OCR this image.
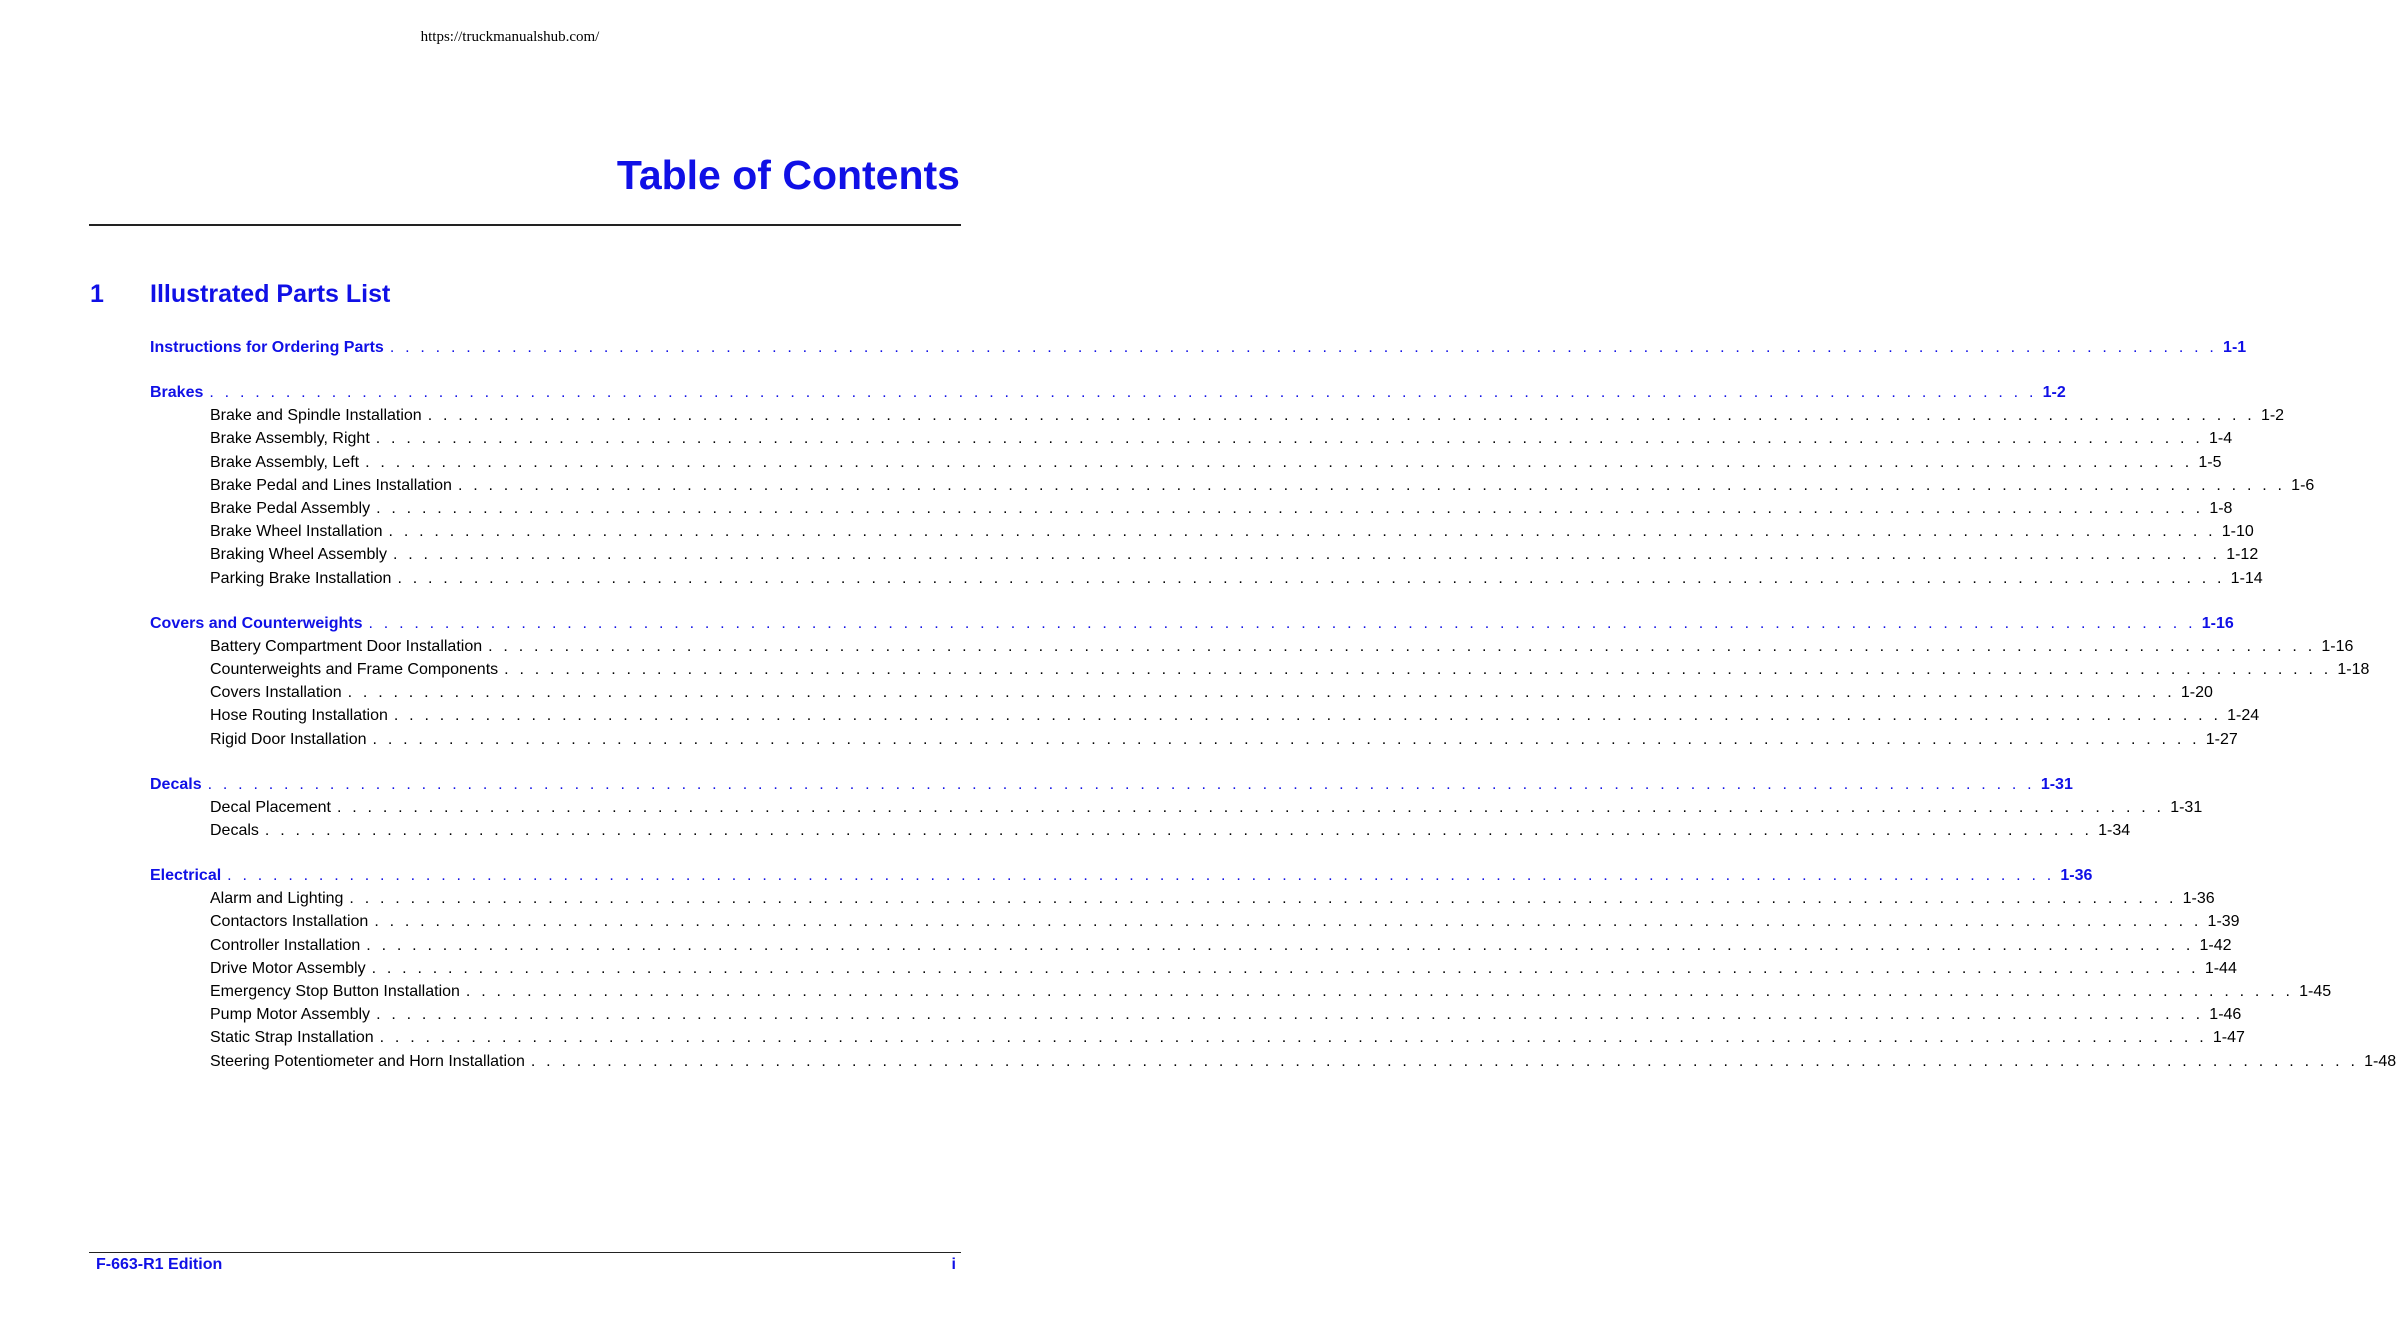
https://truckmanualshub.com/
Table of Contents
1 Illustrated Parts List
Instructions for Ordering Parts . . . . . . . . . . . . . . . . . . . . . . . . . . . . . . . . . . . . . . . . . . . . . . . . . . . . . . . . . . . . . . . . . . . . . . . . . . . . . . . . . . . . . . . . . . . . . . . . . . . . . . . . . . . . . . . . . . . . . . . . 1-1
Brakes . . . . . . . . . . . . . . . . . . . . . . . . . . . . . . . . . . . . . . . . . . . . . . . . . . . . . . . . . . . . . . . . . . . . . . . . . . . . . . . . . . . . . . . . . . . . . . . . . . . . . . . . . . . . . . . . . . . . . . . . 1-2
Brake and Spindle Installation . . . . . . . . . . . . . . . . . . . . . . . . . . . . . . . . . . . . . . . . . . . . . . . . . . . . . . . . . . . . . . . . . . . . . . . . . . . . . . . . . . . . . . . . . . . . . . . . . . . . . . . . . . . . . . . . . . . . . . . . 1-2
Brake Assembly, Right . . . . . . . . . . . . . . . . . . . . . . . . . . . . . . . . . . . . . . . . . . . . . . . . . . . . . . . . . . . . . . . . . . . . . . . . . . . . . . . . . . . . . . . . . . . . . . . . . . . . . . . . . . . . . . . . . . . . . . . . 1-4
Brake Assembly, Left . . . . . . . . . . . . . . . . . . . . . . . . . . . . . . . . . . . . . . . . . . . . . . . . . . . . . . . . . . . . . . . . . . . . . . . . . . . . . . . . . . . . . . . . . . . . . . . . . . . . . . . . . . . . . . . . . . . . . . . . 1-5
Brake Pedal and Lines Installation . . . . . . . . . . . . . . . . . . . . . . . . . . . . . . . . . . . . . . . . . . . . . . . . . . . . . . . . . . . . . . . . . . . . . . . . . . . . . . . . . . . . . . . . . . . . . . . . . . . . . . . . . . . . . . . . . . . . . . . . 1-6
Brake Pedal Assembly . . . . . . . . . . . . . . . . . . . . . . . . . . . . . . . . . . . . . . . . . . . . . . . . . . . . . . . . . . . . . . . . . . . . . . . . . . . . . . . . . . . . . . . . . . . . . . . . . . . . . . . . . . . . . . . . . . . . . . . . 1-8
Brake Wheel Installation . . . . . . . . . . . . . . . . . . . . . . . . . . . . . . . . . . . . . . . . . . . . . . . . . . . . . . . . . . . . . . . . . . . . . . . . . . . . . . . . . . . . . . . . . . . . . . . . . . . . . . . . . . . . . . . . . . . . . . . . 1-10
Braking Wheel Assembly . . . . . . . . . . . . . . . . . . . . . . . . . . . . . . . . . . . . . . . . . . . . . . . . . . . . . . . . . . . . . . . . . . . . . . . . . . . . . . . . . . . . . . . . . . . . . . . . . . . . . . . . . . . . . . . . . . . . . . . . 1-12
Parking Brake Installation . . . . . . . . . . . . . . . . . . . . . . . . . . . . . . . . . . . . . . . . . . . . . . . . . . . . . . . . . . . . . . . . . . . . . . . . . . . . . . . . . . . . . . . . . . . . . . . . . . . . . . . . . . . . . . . . . . . . . . . . 1-14
Covers and Counterweights . . . . . . . . . . . . . . . . . . . . . . . . . . . . . . . . . . . . . . . . . . . . . . . . . . . . . . . . . . . . . . . . . . . . . . . . . . . . . . . . . . . . . . . . . . . . . . . . . . . . . . . . . . . . . . . . . . . . . . . . 1-16
Battery Compartment Door Installation . . . . . . . . . . . . . . . . . . . . . . . . . . . . . . . . . . . . . . . . . . . . . . . . . . . . . . . . . . . . . . . . . . . . . . . . . . . . . . . . . . . . . . . . . . . . . . . . . . . . . . . . . . . . . . . . . . . . . . . . 1-16
Counterweights and Frame Components . . . . . . . . . . . . . . . . . . . . . . . . . . . . . . . . . . . . . . . . . . . . . . . . . . . . . . . . . . . . . . . . . . . . . . . . . . . . . . . . . . . . . . . . . . . . . . . . . . . . . . . . . . . . . . . . . . . . . . . . 1-18
Covers Installation . . . . . . . . . . . . . . . . . . . . . . . . . . . . . . . . . . . . . . . . . . . . . . . . . . . . . . . . . . . . . . . . . . . . . . . . . . . . . . . . . . . . . . . . . . . . . . . . . . . . . . . . . . . . . . . . . . . . . . . . 1-20
Hose Routing Installation . . . . . . . . . . . . . . . . . . . . . . . . . . . . . . . . . . . . . . . . . . . . . . . . . . . . . . . . . . . . . . . . . . . . . . . . . . . . . . . . . . . . . . . . . . . . . . . . . . . . . . . . . . . . . . . . . . . . . . . . 1-24
Rigid Door Installation . . . . . . . . . . . . . . . . . . . . . . . . . . . . . . . . . . . . . . . . . . . . . . . . . . . . . . . . . . . . . . . . . . . . . . . . . . . . . . . . . . . . . . . . . . . . . . . . . . . . . . . . . . . . . . . . . . . . . . . . 1-27
Decals . . . . . . . . . . . . . . . . . . . . . . . . . . . . . . . . . . . . . . . . . . . . . . . . . . . . . . . . . . . . . . . . . . . . . . . . . . . . . . . . . . . . . . . . . . . . . . . . . . . . . . . . . . . . . . . . . . . . . . . . 1-31
Decal Placement . . . . . . . . . . . . . . . . . . . . . . . . . . . . . . . . . . . . . . . . . . . . . . . . . . . . . . . . . . . . . . . . . . . . . . . . . . . . . . . . . . . . . . . . . . . . . . . . . . . . . . . . . . . . . . . . . . . . . . . . 1-31
Decals . . . . . . . . . . . . . . . . . . . . . . . . . . . . . . . . . . . . . . . . . . . . . . . . . . . . . . . . . . . . . . . . . . . . . . . . . . . . . . . . . . . . . . . . . . . . . . . . . . . . . . . . . . . . . . . . . . . . . . . . 1-34
Electrical . . . . . . . . . . . . . . . . . . . . . . . . . . . . . . . . . . . . . . . . . . . . . . . . . . . . . . . . . . . . . . . . . . . . . . . . . . . . . . . . . . . . . . . . . . . . . . . . . . . . . . . . . . . . . . . . . . . . . . . . 1-36
Alarm and Lighting . . . . . . . . . . . . . . . . . . . . . . . . . . . . . . . . . . . . . . . . . . . . . . . . . . . . . . . . . . . . . . . . . . . . . . . . . . . . . . . . . . . . . . . . . . . . . . . . . . . . . . . . . . . . . . . . . . . . . . . . 1-36
Contactors Installation . . . . . . . . . . . . . . . . . . . . . . . . . . . . . . . . . . . . . . . . . . . . . . . . . . . . . . . . . . . . . . . . . . . . . . . . . . . . . . . . . . . . . . . . . . . . . . . . . . . . . . . . . . . . . . . . . . . . . . . . 1-39
Controller Installation . . . . . . . . . . . . . . . . . . . . . . . . . . . . . . . . . . . . . . . . . . . . . . . . . . . . . . . . . . . . . . . . . . . . . . . . . . . . . . . . . . . . . . . . . . . . . . . . . . . . . . . . . . . . . . . . . . . . . . . . 1-42
Drive Motor Assembly . . . . . . . . . . . . . . . . . . . . . . . . . . . . . . . . . . . . . . . . . . . . . . . . . . . . . . . . . . . . . . . . . . . . . . . . . . . . . . . . . . . . . . . . . . . . . . . . . . . . . . . . . . . . . . . . . . . . . . . . 1-44
Emergency Stop Button Installation . . . . . . . . . . . . . . . . . . . . . . . . . . . . . . . . . . . . . . . . . . . . . . . . . . . . . . . . . . . . . . . . . . . . . . . . . . . . . . . . . . . . . . . . . . . . . . . . . . . . . . . . . . . . . . . . . . . . . . . . 1-45
Pump Motor Assembly . . . . . . . . . . . . . . . . . . . . . . . . . . . . . . . . . . . . . . . . . . . . . . . . . . . . . . . . . . . . . . . . . . . . . . . . . . . . . . . . . . . . . . . . . . . . . . . . . . . . . . . . . . . . . . . . . . . . . . . . 1-46
Static Strap Installation . . . . . . . . . . . . . . . . . . . . . . . . . . . . . . . . . . . . . . . . . . . . . . . . . . . . . . . . . . . . . . . . . . . . . . . . . . . . . . . . . . . . . . . . . . . . . . . . . . . . . . . . . . . . . . . . . . . . . . . . 1-47
Steering Potentiometer and Horn Installation . . . . . . . . . . . . . . . . . . . . . . . . . . . . . . . . . . . . . . . . . . . . . . . . . . . . . . . . . . . . . . . . . . . . . . . . . . . . . . . . . . . . . . . . . . . . . . . . . . . . . . . . . . . . . . . . . . . . . . . . 1-48
F-663-R1 Edition	i
